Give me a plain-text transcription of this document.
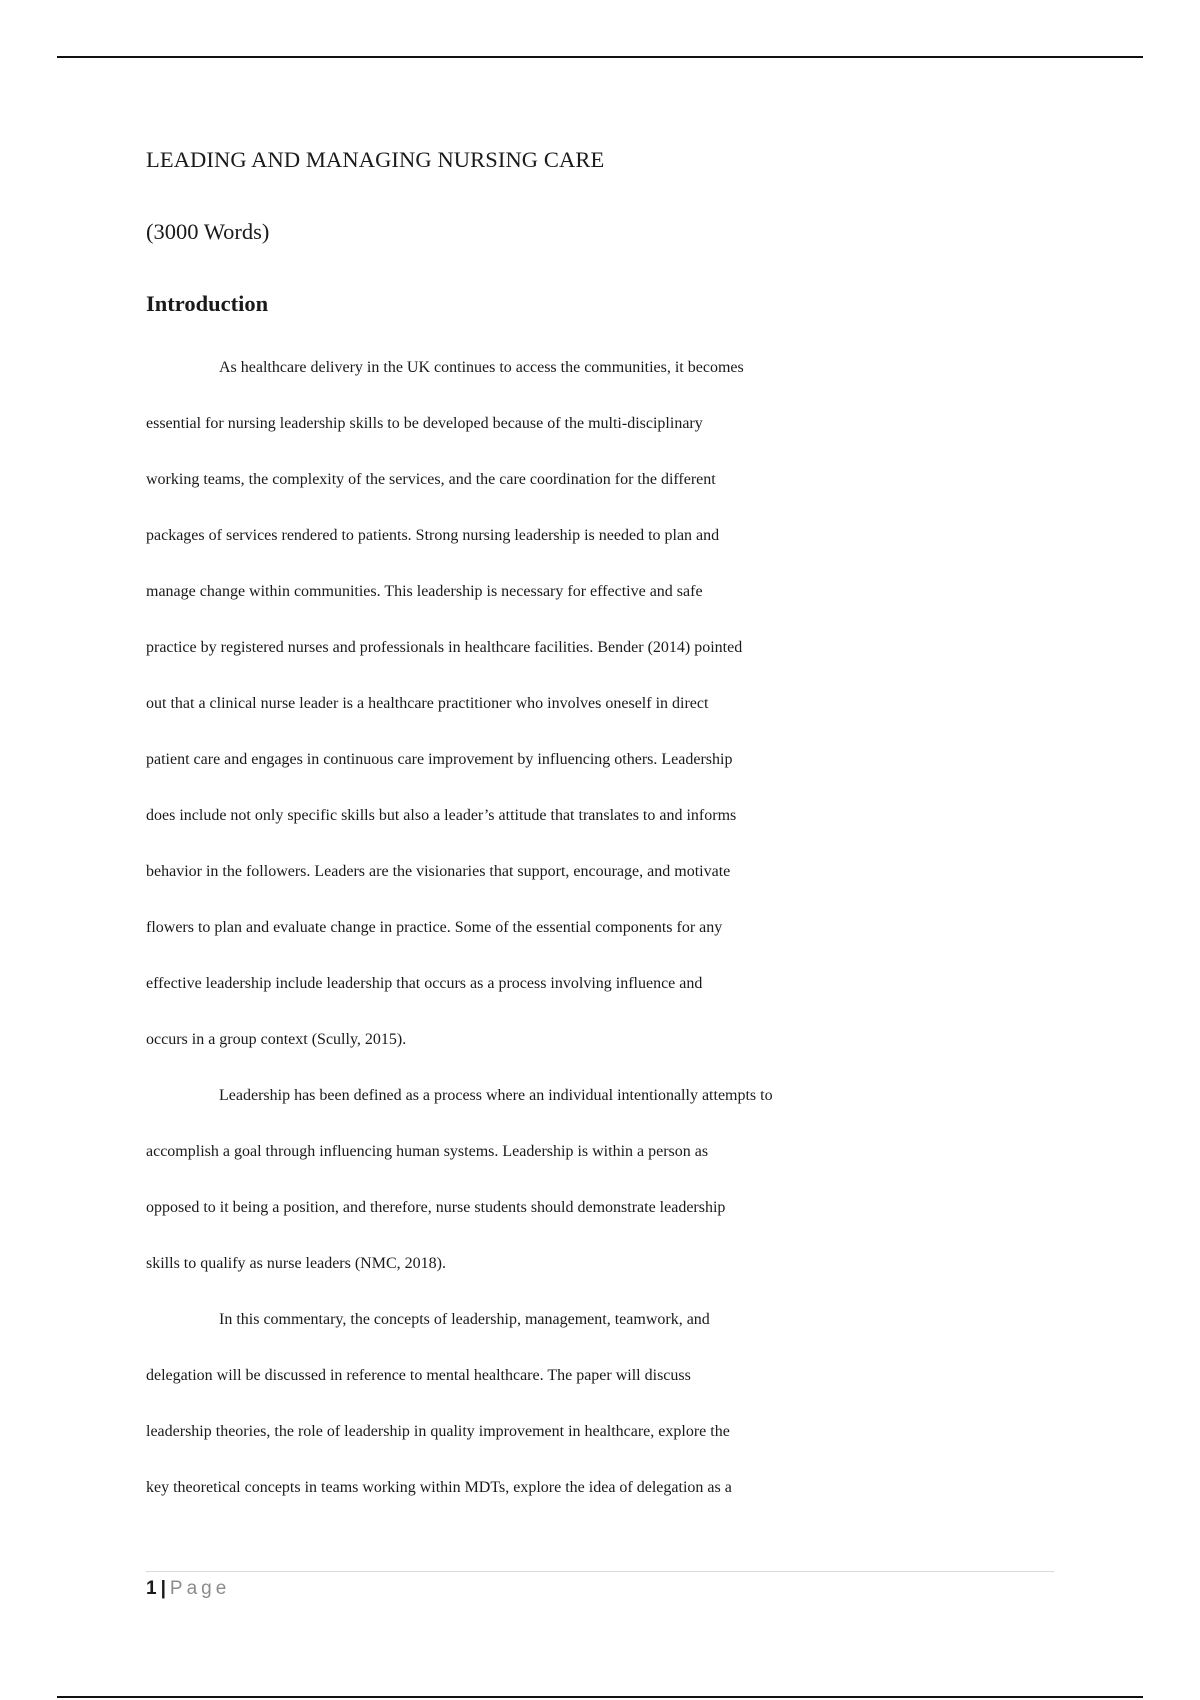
LEADING AND MANAGING NURSING CARE
(3000 Words)
Introduction
As healthcare delivery in the UK continues to access the communities, it becomes
essential for nursing leadership skills to be developed because of the multi-disciplinary
working teams, the complexity of the services, and the care coordination for the different
packages of services rendered to patients. Strong nursing leadership is needed to plan and
manage change within communities. This leadership is necessary for effective and safe
practice by registered nurses and professionals in healthcare facilities. Bender (2014) pointed
out that a clinical nurse leader is a healthcare practitioner who involves oneself in direct
patient care and engages in continuous care improvement by influencing others. Leadership
does include not only specific skills but also a leader’s attitude that translates to and informs
behavior in the followers. Leaders are the visionaries that support, encourage, and motivate
flowers to plan and evaluate change in practice. Some of the essential components for any
effective leadership include leadership that occurs as a process involving influence and
occurs in a group context (Scully, 2015).
Leadership has been defined as a process where an individual intentionally attempts to
accomplish a goal through influencing human systems. Leadership is within a person as
opposed to it being a position, and therefore, nurse students should demonstrate leadership
skills to qualify as nurse leaders (NMC, 2018).
In this commentary, the concepts of leadership, management, teamwork, and
delegation will be discussed in reference to mental healthcare. The paper will discuss
leadership theories, the role of leadership in quality improvement in healthcare, explore the
key theoretical concepts in teams working within MDTs, explore the idea of delegation as a
1 | Page
